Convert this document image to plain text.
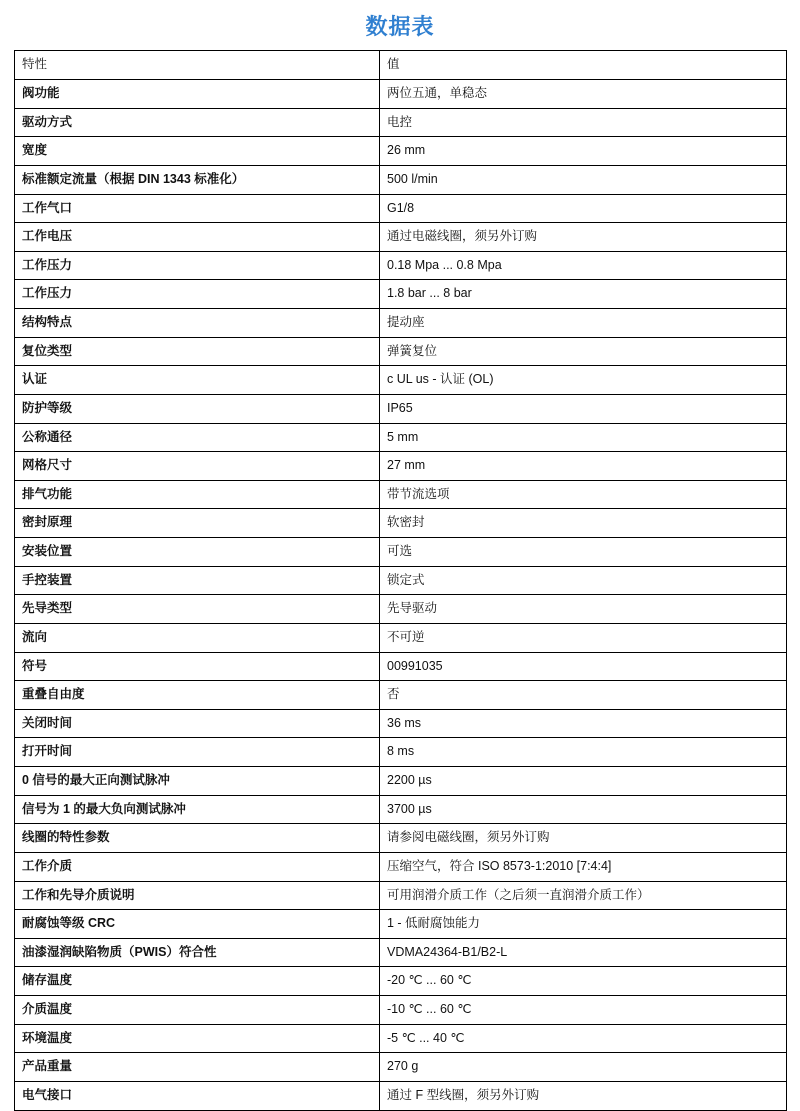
数据表
特性	值
阀功能	两位五通，单稳态
驱动方式	电控
宽度	26 mm
标准额定流量（根据 DIN 1343 标准化）	500 l/min
工作气口	G1/8
工作电压	通过电磁线圈，须另外订购
工作压力	0.18 Mpa ... 0.8 Mpa
工作压力	1.8 bar ... 8 bar
结构特点	提动座
复位类型	弹簧复位
认证	c UL us - 认证 (OL)
防护等级	IP65
公称通径	5 mm
网格尺寸	27 mm
排气功能	带节流选项
密封原理	软密封
安装位置	可选
手控装置	锁定式
先导类型	先导驱动
流向	不可逆
符号	00991035
重叠自由度	否
关闭时间	36 ms
打开时间	8 ms
0 信号的最大正向测试脉冲	2200 µs
信号为 1 的最大负向测试脉冲	3700 µs
线圈的特性参数	请参阅电磁线圈，须另外订购
工作介质	压缩空气，符合 ISO 8573-1:2010 [7:4:4]
工作和先导介质说明	可用润滑介质工作（之后须一直润滑介质工作）
耐腐蚀等级 CRC	1 - 低耐腐蚀能力
油漆湿润缺陷物质（PWIS）符合性	VDMA24364-B1/B2-L
储存温度	-20 ℃ ... 60 ℃
介质温度	-10 ℃ ... 60 ℃
环境温度	-5 ℃ ... 40 ℃
产品重量	270 g
电气接口	通过 F 型线圈，须另外订购
